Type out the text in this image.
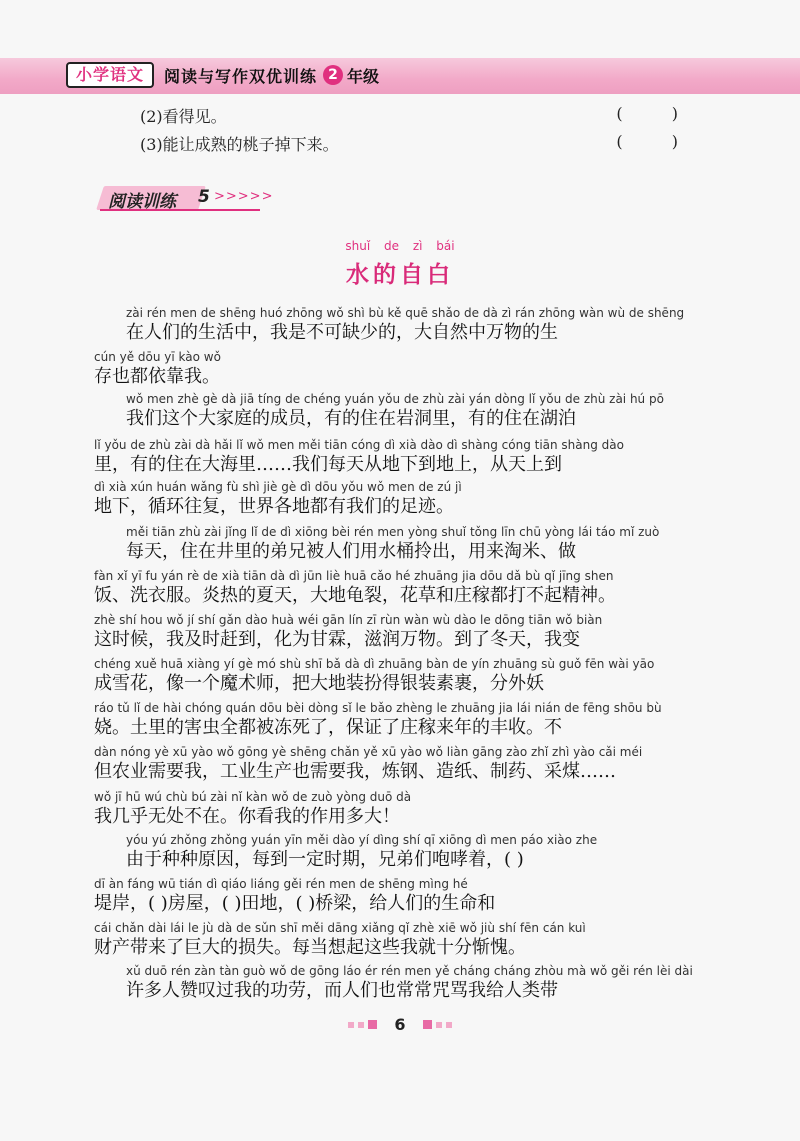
小学语文	阅读与写作双优训练 2 年级
(2)看得见。	( )
(3)能让成熟的桃子掉下来。	( )
阅读训练 5 >>>>>
shuǐ de zì bái
水的自白
zài rén men de shēng huó zhōng wǒ shì bù kě quē shǎo de dà zì rán zhōng wàn wù de shēng
在人们的生活中，我是不可缺少的，大自然中万物的生
cún yě dōu yī kào wǒ
存也都依靠我。
wǒ men zhè gè dà jiā tíng de chéng yuán yǒu de zhù zài yán dòng lǐ yǒu de zhù zài hú pō
我们这个大家庭的成员，有的住在岩洞里，有的住在湖泊
lǐ yǒu de zhù zài dà hǎi lǐ wǒ men měi tiān cóng dì xià dào dì shàng cóng tiān shàng dào
里，有的住在大海里……我们每天从地下到地上，从天上到
dì xià xún huán wǎng fù shì jiè gè dì dōu yǒu wǒ men de zú jì
地下，循环往复，世界各地都有我们的足迹。
měi tiān zhù zài jǐng lǐ de dì xiōng bèi rén men yòng shuǐ tǒng līn chū yòng lái táo mǐ zuò
每天，住在井里的弟兄被人们用水桶拎出，用来淘米、做
fàn xǐ yī fu yán rè de xià tiān dà dì jūn liè huā cǎo hé zhuāng jia dōu dǎ bù qǐ jīng shen
饭、洗衣服。炎热的夏天，大地龟裂，花草和庄稼都打不起精神。
zhè shí hou wǒ jí shí gǎn dào huà wéi gān lín zī rùn wàn wù dào le dōng tiān wǒ biàn
这时候，我及时赶到，化为甘霖，滋润万物。到了冬天，我变
chéng xuě huā xiàng yí gè mó shù shī bǎ dà dì zhuāng bàn de yín zhuāng sù guǒ fēn wài yāo
成雪花，像一个魔术师，把大地装扮得银装素裹，分外妖
ráo tǔ lǐ de hài chóng quán dōu bèi dòng sǐ le bǎo zhèng le zhuāng jia lái nián de fēng shōu bù
娆。土里的害虫全都被冻死了，保证了庄稼来年的丰收。不
dàn nóng yè xū yào wǒ gōng yè shēng chǎn yě xū yào wǒ liàn gāng zào zhǐ zhì yào cǎi méi
但农业需要我，工业生产也需要我，炼钢、造纸、制药、采煤……
wǒ jī hū wú chù bú zài nǐ kàn wǒ de zuò yòng duō dà
我几乎无处不在。你看我的作用多大！
yóu yú zhǒng zhǒng yuán yīn měi dào yí dìng shí qī xiōng dì men páo xiào zhe
由于种种原因，每到一定时期，兄弟们咆哮着，( )
dī àn fáng wū tián dì qiáo liáng gěi rén men de shēng mìng hé
堤岸，( )房屋，( )田地，( )桥梁，给人们的生命和
cái chǎn dài lái le jù dà de sǔn shī měi dāng xiǎng qǐ zhè xiē wǒ jiù shí fēn cán kuì
财产带来了巨大的损失。每当想起这些我就十分惭愧。
xǔ duō rén zàn tàn guò wǒ de gōng láo ér rén men yě cháng cháng zhòu mà wǒ gěi rén lèi dài
许多人赞叹过我的功劳，而人们也常常咒骂我给人类带
6
